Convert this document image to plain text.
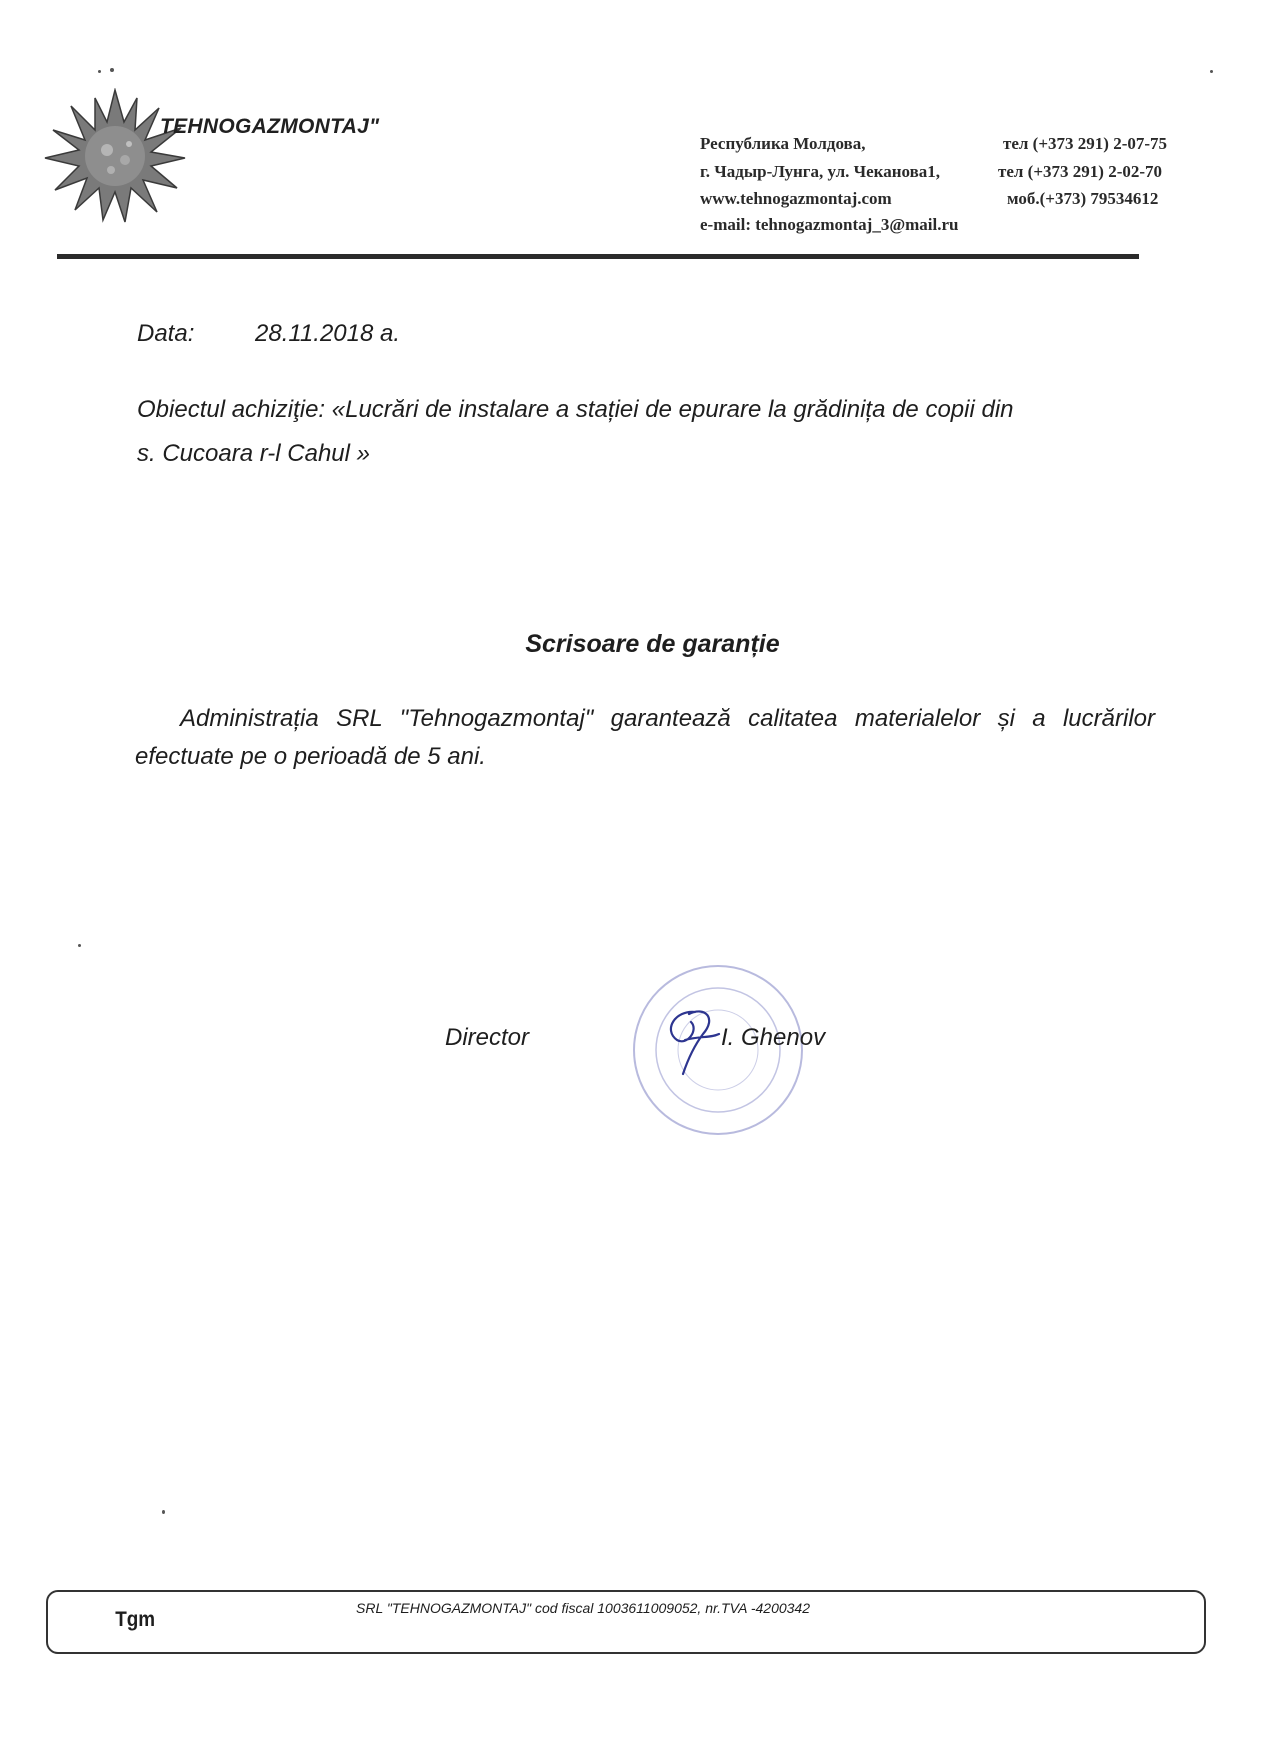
TEHNOGAZMONTAJ"
Республика Молдова,
г. Чадыр-Лунга, ул. Чеканова1,
www.tehnogazmontaj.com
e-mail: tehnogazmontaj_3@mail.ru
тел (+373 291) 2-07-75
тел (+373 291) 2-02-70
моб.(+373) 79534612
Data:	28.11.2018 a.
Obiectul achiziţie: «Lucrări de instalare a stației de epurare la grădinița de copii din
s. Cucoara r-l Cahul »
Scrisoare de garanție
Administrația SRL "Tehnogazmontaj" garantează calitatea materialelor și a lucrărilor efectuate pe o perioadă de 5 ani.
Director	I. Ghenov
Tgm	SRL "TEHNOGAZMONTAJ" cod fiscal 1003611009052, nr.TVA -4200342
